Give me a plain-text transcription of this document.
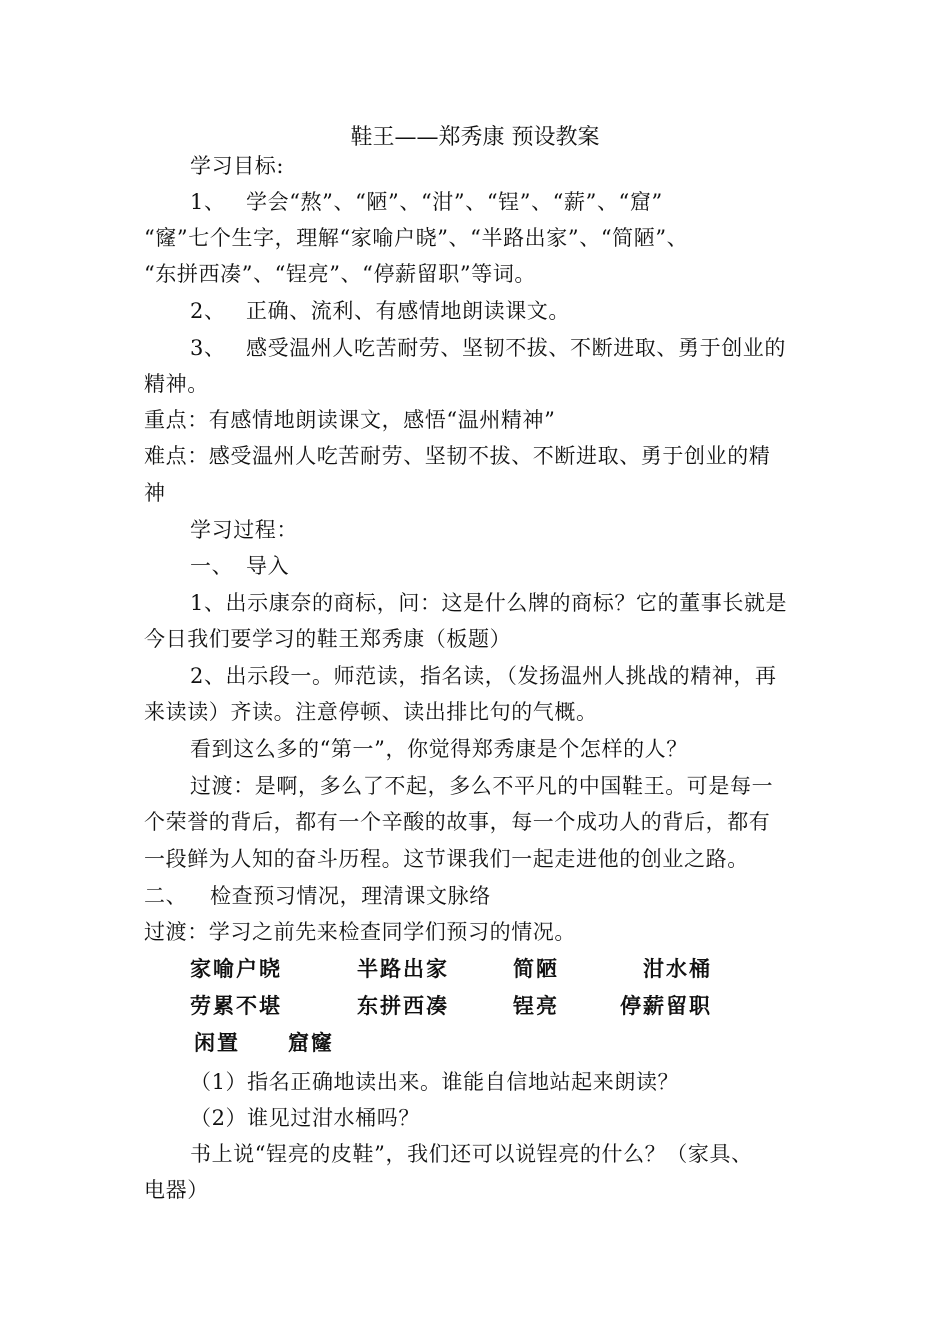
鞋王——郑秀康 预设教案
学习目标:
1、 学会“熬”、“陋”、“泔”、“锃”、“薪”、“窟”
“窿”七个生字，理解“家喻户晓”、“半路出家”、“简陋”、
“东拼西凑”、“锃亮”、“停薪留职”等词。
2、 正确、流利、有感情地朗读课文。
3、 感受温州人吃苦耐劳、坚韧不拔、不断进取、勇于创业的
精神。
重点：有感情地朗读课文，感悟“温州精神”
难点：感受温州人吃苦耐劳、坚韧不拔、不断进取、勇于创业的精
神
学习过程：
一、 导入
1、出示康奈的商标，问：这是什么牌的商标？它的董事长就是
今日我们要学习的鞋王郑秀康（板题）
2、出示段一。师范读，指名读，（发扬温州人挑战的精神，再
来读读）齐读。注意停顿、读出排比句的气概。
看到这么多的“第一”，你觉得郑秀康是个怎样的人？
过渡：是啊，多么了不起，多么不平凡的中国鞋王。可是每一
个荣誉的背后，都有一个辛酸的故事，每一个成功人的背后，都有
一段鲜为人知的奋斗历程。这节课我们一起走进他的创业之路。
二、 检查预习情况，理清课文脉络
过渡：学习之前先来检查同学们预习的情况。
家喻户晓	半路出家	简陋	泔水桶
劳累不堪	东拼西凑	锃亮	停薪留职
闲置 窟窿
（1）指名正确地读出来。谁能自信地站起来朗读？
（2）谁见过泔水桶吗？
书上说“锃亮的皮鞋”，我们还可以说锃亮的什么？（家具、
电器）
